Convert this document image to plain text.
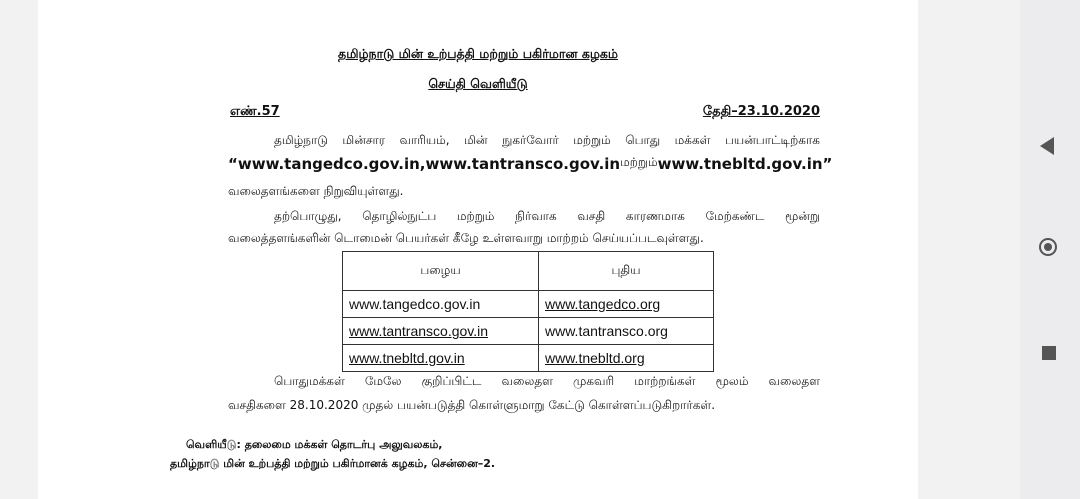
தமிழ்நாடு மின் உற்பத்தி மற்றும் பகிர்மான கழகம்
செய்தி வெளியீடு
எண்.57	தேதி–23.10.2020
தமிழ்நாடு மின்சார வாரியம், மின் நுகர்வோர் மற்றும் பொது மக்கள் பயன்பாட்டிற்காக
“www.tangedco.gov.in, www.tantransco.gov.in மற்றும் www.tnebltd.gov.in”
வலைதளங்களை நிறுவியுள்ளது.
தற்பொழுது, தொழில்நுட்ப மற்றும் நிர்வாக வசதி காரணமாக மேற்கண்ட மூன்று
வலைத்தளங்களின் டொமைன் பெயர்கள் கீழே உள்ளவாறு மாற்றம் செய்யப்படவுள்ளது.
பழைய	புதிய
www.tangedco.gov.in	www.tangedco.org
www.tantransco.gov.in	www.tantransco.org
www.tnebltd.gov.in	www.tnebltd.org
பொதுமக்கள் மேலே குறிப்பிட்ட வலைதள முகவரி மாற்றங்கள் மூலம் வலைதள
வசதிகளை 28.10.2020 முதல் பயன்படுத்தி கொள்ளுமாறு கேட்டு கொள்ளப்படுகிறார்கள்.
வெளியீடு: தலைமை மக்கள் தொடர்பு அலுவலகம்,
தமிழ்நாடு மின் உற்பத்தி மற்றும் பகிர்மானக் கழகம், சென்னை–2.
